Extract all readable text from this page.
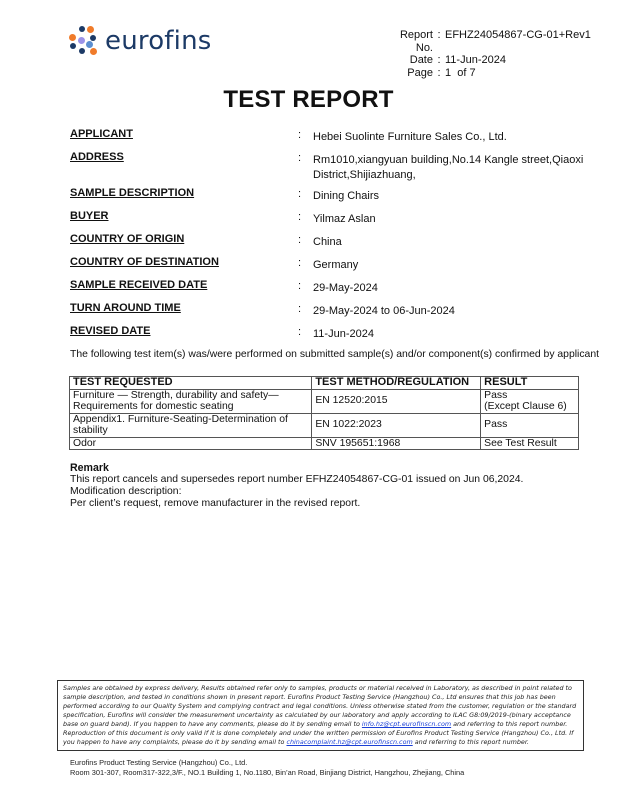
eurofins	Report No.
: EFHZ24054867-CG-01+Rev1
Date : 11-Jun-2024
Page : 1  of 7
TEST REPORT
APPLICANT	: Hebei Suolinte Furniture Sales Co., Ltd.
ADDRESS	: Rm1010,xiangyuan building,No.14 Kangle street,Qiaoxi District,Shijiazhuang,
SAMPLE DESCRIPTION	: Dining Chairs
BUYER	: Yilmaz Aslan
COUNTRY OF ORIGIN	: China
COUNTRY OF DESTINATION	: Germany
SAMPLE RECEIVED DATE	: 29-May-2024
TURN AROUND TIME	: 29-May-2024 to 06-Jun-2024
REVISED DATE	: 11-Jun-2024
The following test item(s) was/were performed on submitted sample(s) and/or component(s) confirmed by applicant
TEST REQUESTED	TEST METHOD/REGULATION	RESULT
Furniture — Strength, durability and safety— Requirements for domestic seating	EN 12520:2015	Pass
(Except Clause 6)
Appendix1. Furniture-Seating-Determination of stability	EN 1022:2023	Pass
Odor	SNV 195651:1968	See Test Result
Remark
This report cancels and supersedes report number EFHZ24054867-CG-01 issued on Jun 06,2024.
Modification description:
Per client’s request, remove manufacturer in the revised report.
Samples are obtained by express delivery, Results obtained refer only to samples, products or material received in Laboratory, as described in point related to sample description, and tested in conditions shown in present report. Eurofins Product Testing Service (Hangzhou) Co., Ltd ensures that this job has been performed according to our Quality System and complying contract and legal conditions. Unless otherwise stated from the customer, regulation or the standard specification, Eurofins will consider the measurement uncertainty as calculated by our laboratory and apply according to ILAC G8:09/2019-(binary acceptance base on guard band). If you happen to have any comments, please do it by sending email to info.hz@cpt.eurofinscn.com and referring to this report number. Reproduction of this document is only valid if it is done completely and under the written permission of Eurofins Product Testing Service (Hangzhou) Co., Ltd. If you happen to have any complaints, please do it by sending email to chinacomplaint.hz@cpt.eurofinscn.com and referring to this report number.
Eurofins Product Testing Service (Hangzhou) Co., Ltd.
Room 301-307, Room317-322,3/F., NO.1 Building 1, No.1180, Bin’an Road, Binjiang District, Hangzhou, Zhejiang, China
